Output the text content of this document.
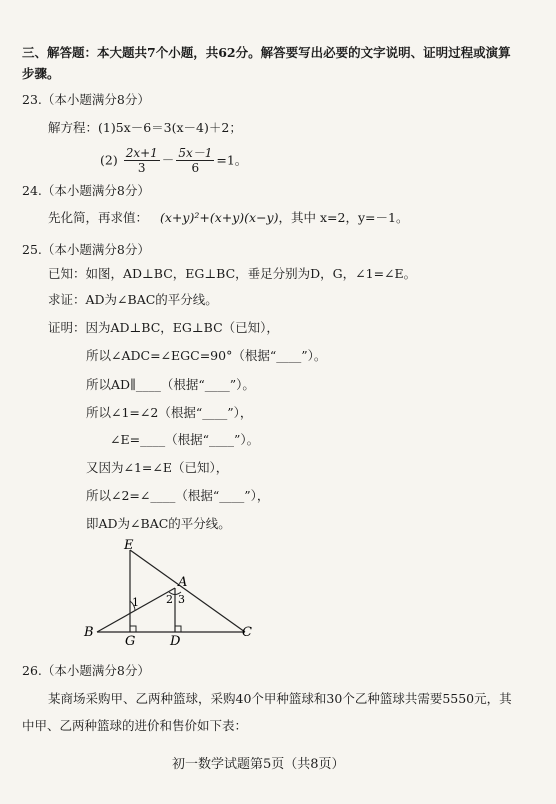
三、解答题：本大题共7个小题，共62分。解答要写出必要的文字说明、证明过程或演算
步骤。
23.（本小题满分8分）
解方程：(1)5x－6＝3(x－4)＋2；
$(2) \frac{2x+1}{3} - \frac{5x-1}{6} =1$。
24.（本小题满分8分）
先化简，再求值： (x+y)²+(x+y)(x−y)，其中 x=2，y=－1。
25.（本小题满分8分）
已知：如图，AD⊥BC，EG⊥BC，垂足分别为D，G，∠1=∠E。
求证：AD为∠BAC的平分线。
证明：因为AD⊥BC，EG⊥BC（已知），
所以∠ADC=∠EGC=90°（根据“____”）。
所以AD∥____（根据“____”）。
所以∠1=∠2（根据“____”），
∠E=____（根据“____”）。
又因为∠1=∠E（已知），
所以∠2=∠____（根据“____”），
即AD为∠BAC的平分线。
E
A
B
G	D
C
1 2 3
26.（本小题满分8分）
某商场采购甲、乙两种篮球，采购40个甲种篮球和30个乙种篮球共需要5550元，其
中甲、乙两种篮球的进价和售价如下表：
初一数学试题第5页（共8页）
